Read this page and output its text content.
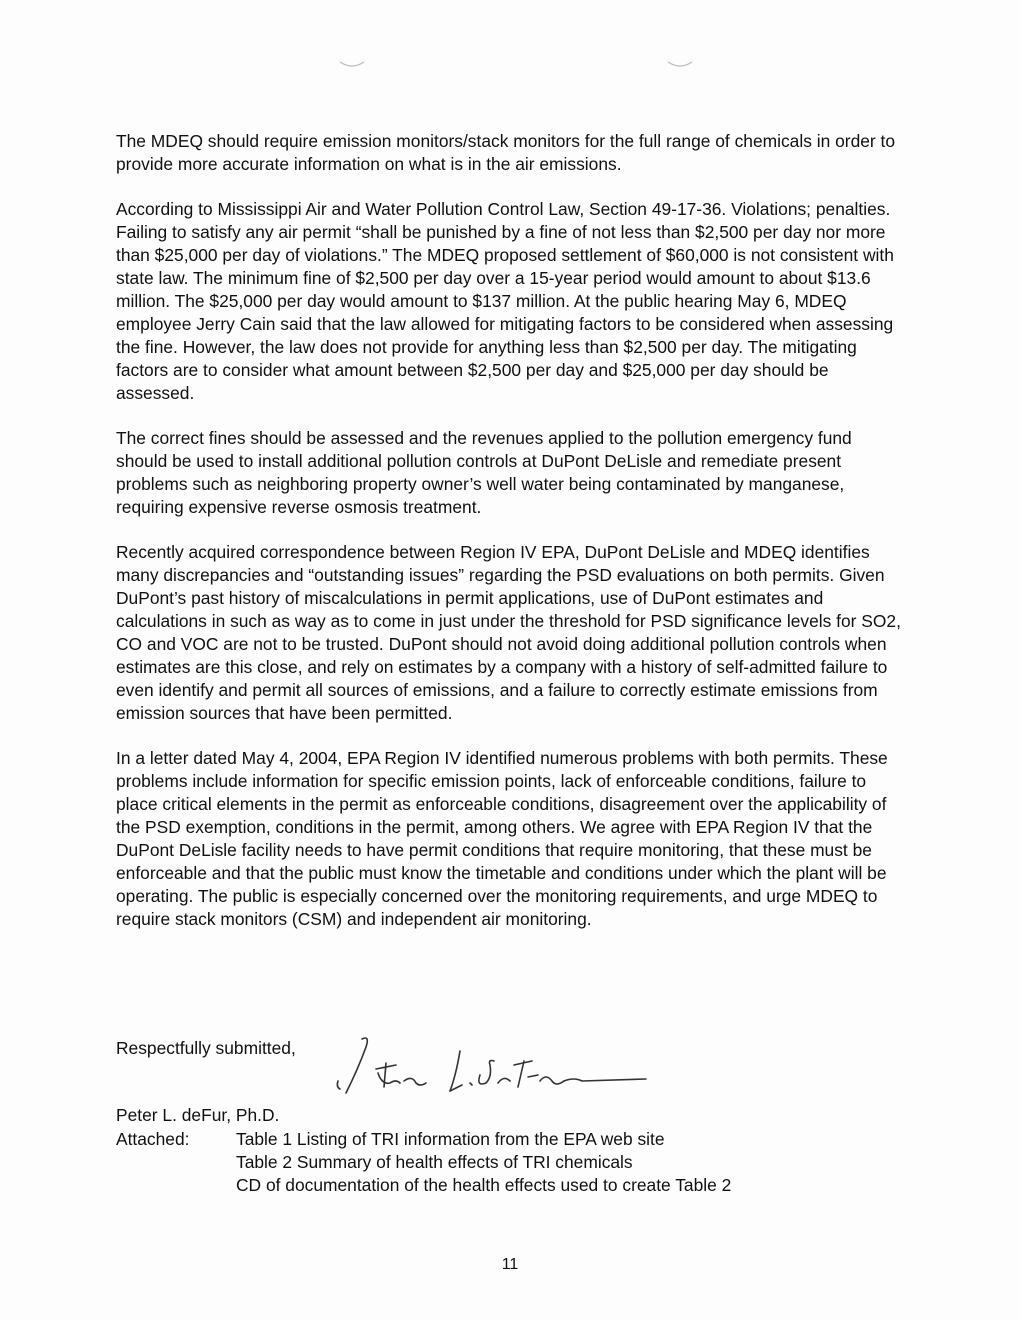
The MDEQ should require emission monitors/stack monitors for the full range of chemicals in order to provide more accurate information on what is in the air emissions.

According to Mississippi Air and Water Pollution Control Law, Section 49-17-36. Violations; penalties. Failing to satisfy any air permit “shall be punished by a fine of not less than $2,500 per day nor more than $25,000 per day of violations.” The MDEQ proposed settlement of $60,000 is not consistent with state law. The minimum fine of $2,500 per day over a 15-year period would amount to about $13.6 million. The $25,000 per day would amount to $137 million. At the public hearing May 6, MDEQ employee Jerry Cain said that the law allowed for mitigating factors to be considered when assessing the fine. However, the law does not provide for anything less than $2,500 per day. The mitigating factors are to consider what amount between $2,500 per day and $25,000 per day should be assessed.

The correct fines should be assessed and the revenues applied to the pollution emergency fund should be used to install additional pollution controls at DuPont DeLisle and remediate present problems such as neighboring property owner’s well water being contaminated by manganese, requiring expensive reverse osmosis treatment.

Recently acquired correspondence between Region IV EPA, DuPont DeLisle and MDEQ identifies many discrepancies and “outstanding issues” regarding the PSD evaluations on both permits. Given DuPont’s past history of miscalculations in permit applications, use of DuPont estimates and calculations in such as way as to come in just under the threshold for PSD significance levels for SO2, CO and VOC are not to be trusted. DuPont should not avoid doing additional pollution controls when estimates are this close, and rely on estimates by a company with a history of self-admitted failure to even identify and permit all sources of emissions, and a failure to correctly estimate emissions from emission sources that have been permitted.

In a letter dated May 4, 2004, EPA Region IV identified numerous problems with both permits. These problems include information for specific emission points, lack of enforceable conditions, failure to place critical elements in the permit as enforceable conditions, disagreement over the applicability of the PSD exemption, conditions in the permit, among others. We agree with EPA Region IV that the DuPont DeLisle facility needs to have permit conditions that require monitoring, that these must be enforceable and that the public must know the timetable and conditions under which the plant will be operating. The public is especially concerned over the monitoring requirements, and urge MDEQ to require stack monitors (CSM) and independent air monitoring.

Respectfully submitted,
Peter L. deFur, Ph.D.
Attached:	Table 1 Listing of TRI information from the EPA web site
Table 2 Summary of health effects of TRI chemicals
CD of documentation of the health effects used to create Table 2
11
